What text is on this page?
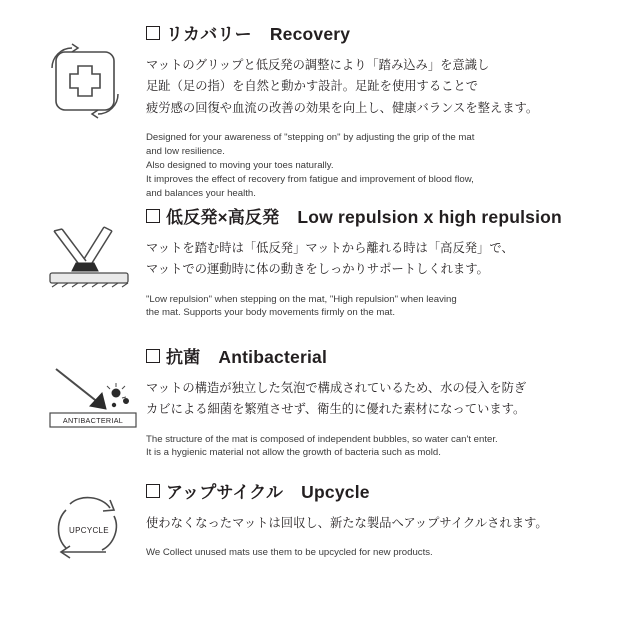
リカバリー	Recovery
マットのグリップと低反発の調整により「踏み込み」を意識し
足趾（足の指）を自然と動かす設計。足趾を使用することで
疲労感の回復や血流の改善の効果を向上し、健康バランスを整えます。
Designed for your awareness of "stepping on" by adjusting the grip of the mat
and low resilience.
Also designed to moving your toes naturally.
It improves the effect of recovery from fatigue and improvement of blood flow,
and balances your health.
低反発×高反発	Low repulsion x high repulsion
マットを踏む時は「低反発」マットから離れる時は「高反発」で、
マットでの運動時に体の動きをしっかりサポートしくれます。
"Low repulsion" when stepping on the mat, "High repulsion" when leaving
the mat. Supports your body movements firmly on the mat.
ANTIBACTERIAL
抗菌	Antibacterial
マットの構造が独立した気泡で構成されているため、水の侵入を防ぎ
カビによる細菌を繁殖させず、衛生的に優れた素材になっています。
The structure of the mat is composed of independent bubbles, so water can't enter.
It is a hygienic material not allow the growth of bacteria such as mold.
UPCYCLE
アップサイクル	Upcycle
使わなくなったマットは回収し、新たな製品へアップサイクルされます。
We Collect unused mats use them to be upcycled for new products.
